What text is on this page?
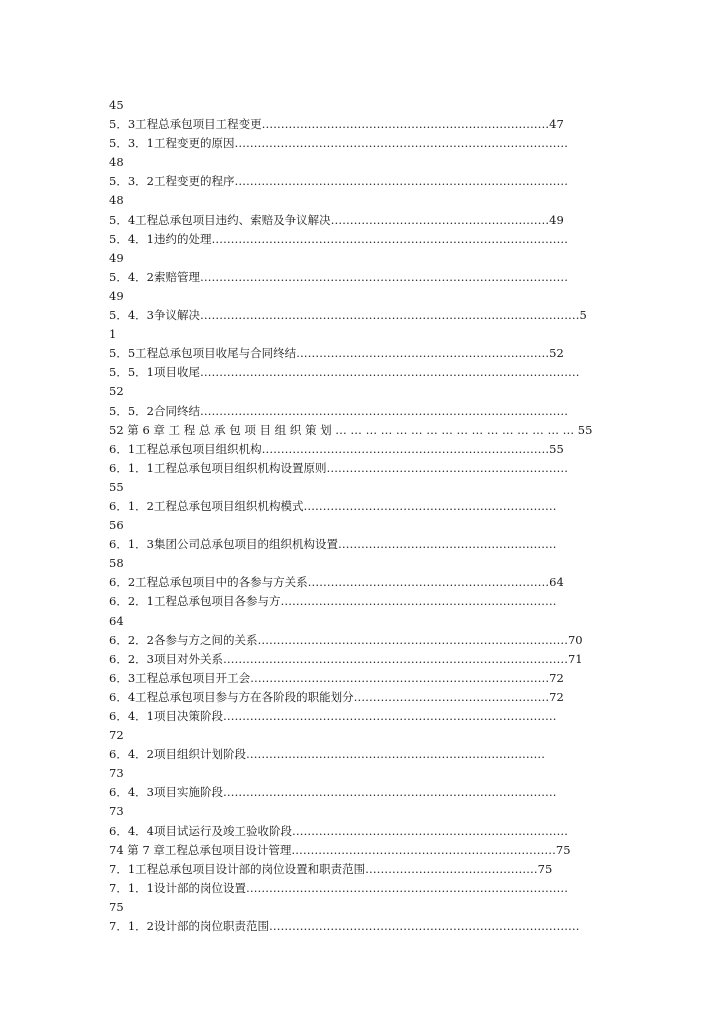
45
5．3工程总承包项目工程变更…………………………………………………………………47
5．3．1工程变更的原因……………………………………………………………………………
48
5．3．2工程变更的程序……………………………………………………………………………
48
5．4工程总承包项目违约、索赔及争议解决…………………………………………………49
5．4．1违约的处理…………………………………………………………………………………
49
5．4．2索赔管理……………………………………………………………………………………
49
5．4．3争议解决………………………………………………………………………………………5
1
5．5工程总承包项目收尾与合同终结…………………………………………………………52
5．5．1项目收尾………………………………………………………………………………………
52
5．5．2合同终结……………………………………………………………………………………
52 第 6 章 工 程 总 承 包 项 目 组 织 策 划 … … … … … … … … … … … … … … … … 55
6．1工程总承包项目组织机构…………………………………………………………………55
6．1．1工程总承包项目组织机构设置原则………………………………………………………
55
6．1．2工程总承包项目组织机构模式…………………………………………………………
56
6．1．3集团公司总承包项目的组织机构设置…………………………………………………
58
6．2工程总承包项目中的各参与方关系………………………………………………………64
6．2．1工程总承包项目各参与方………………………………………………………………
64
6．2．2各参与方之间的关系………………………………………………………………………70
6．2．3项目对外关系………………………………………………………………………………71
6．3工程总承包项目开工会……………………………………………………………………72
6．4工程总承包项目参与方在各阶段的职能划分……………………………………………72
6．4．1项目决策阶段……………………………………………………………………………
72
6．4．2项目组织计划阶段……………………………………………………………………
73
6．4．3项目实施阶段……………………………………………………………………………
73
6．4．4项目试运行及竣工验收阶段………………………………………………………………
74 第 7 章工程总承包项目设计管理……………………………………………………………75
7．1工程总承包项目设计部的岗位设置和职责范围………………………………………75
7．1．1设计部的岗位设置…………………………………………………………………………
75
7．1．2设计部的岗位职责范围………………………………………………………………………
